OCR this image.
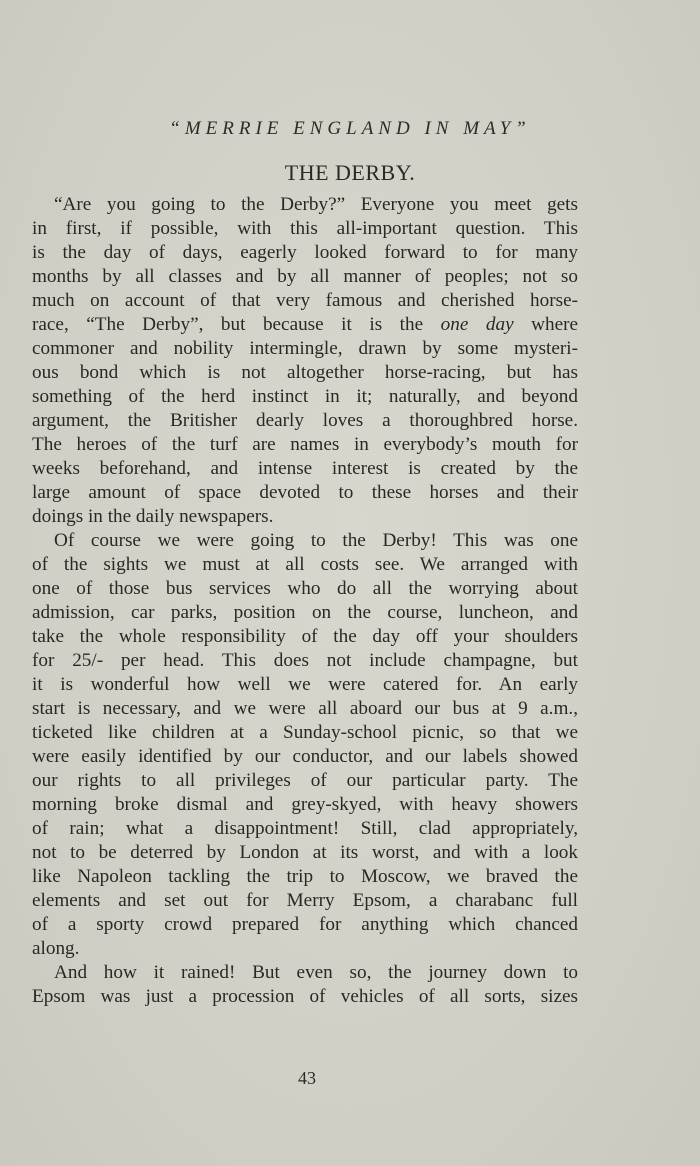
“MERRIE ENGLAND IN MAY”
THE DERBY.
“Are you going to the Derby?” Everyone you meet gets
in first, if possible, with this all-important question. This
is the day of days, eagerly looked forward to for many
months by all classes and by all manner of peoples; not so
much on account of that very famous and cherished horse-
race, “The Derby”, but because it is the one day where
commoner and nobility intermingle, drawn by some mysteri-
ous bond which is not altogether horse-racing, but has
something of the herd instinct in it; naturally, and beyond
argument, the Britisher dearly loves a thoroughbred horse.
The heroes of the turf are names in everybody’s mouth for
weeks beforehand, and intense interest is created by the
large amount of space devoted to these horses and their
doings in the daily newspapers.
Of course we were going to the Derby! This was one
of the sights we must at all costs see. We arranged with
one of those bus services who do all the worrying about
admission, car parks, position on the course, luncheon, and
take the whole responsibility of the day off your shoulders
for 25/- per head. This does not include champagne, but
it is wonderful how well we were catered for. An early
start is necessary, and we were all aboard our bus at 9 a.m.,
ticketed like children at a Sunday-school picnic, so that we
were easily identified by our conductor, and our labels showed
our rights to all privileges of our particular party. The
morning broke dismal and grey-skyed, with heavy showers
of rain; what a disappointment! Still, clad appropriately,
not to be deterred by London at its worst, and with a look
like Napoleon tackling the trip to Moscow, we braved the
elements and set out for Merry Epsom, a charabanc full
of a sporty crowd prepared for anything which chanced
along.
And how it rained! But even so, the journey down to
Epsom was just a procession of vehicles of all sorts, sizes
43
